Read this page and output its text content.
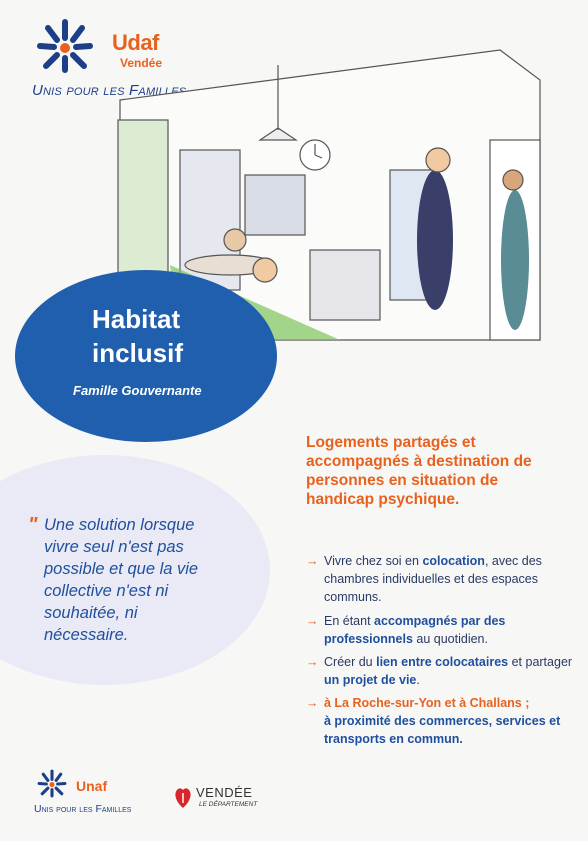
Udaf
Vendée
Unis pour les Familles
Habitat
inclusif
Famille Gouvernante
" Une solution lorsque vivre seul n'est pas possible et que la vie collective n'est ni souhaitée, ni nécessaire.
Logements partagés et accompagnés à destination de personnes en situation de handicap psychique.
→ Vivre chez soi en colocation, avec des chambres individuelles et des espaces communs.
→ En étant accompagnés par des professionnels au quotidien.
→ Créer du lien entre colocataires et partager un projet de vie.
→ à La Roche-sur-Yon et à Challans ;
à proximité des commerces, services et transports en commun.
Unaf
Unis pour les Familles
VENDÉE
LE DÉPARTEMENT
